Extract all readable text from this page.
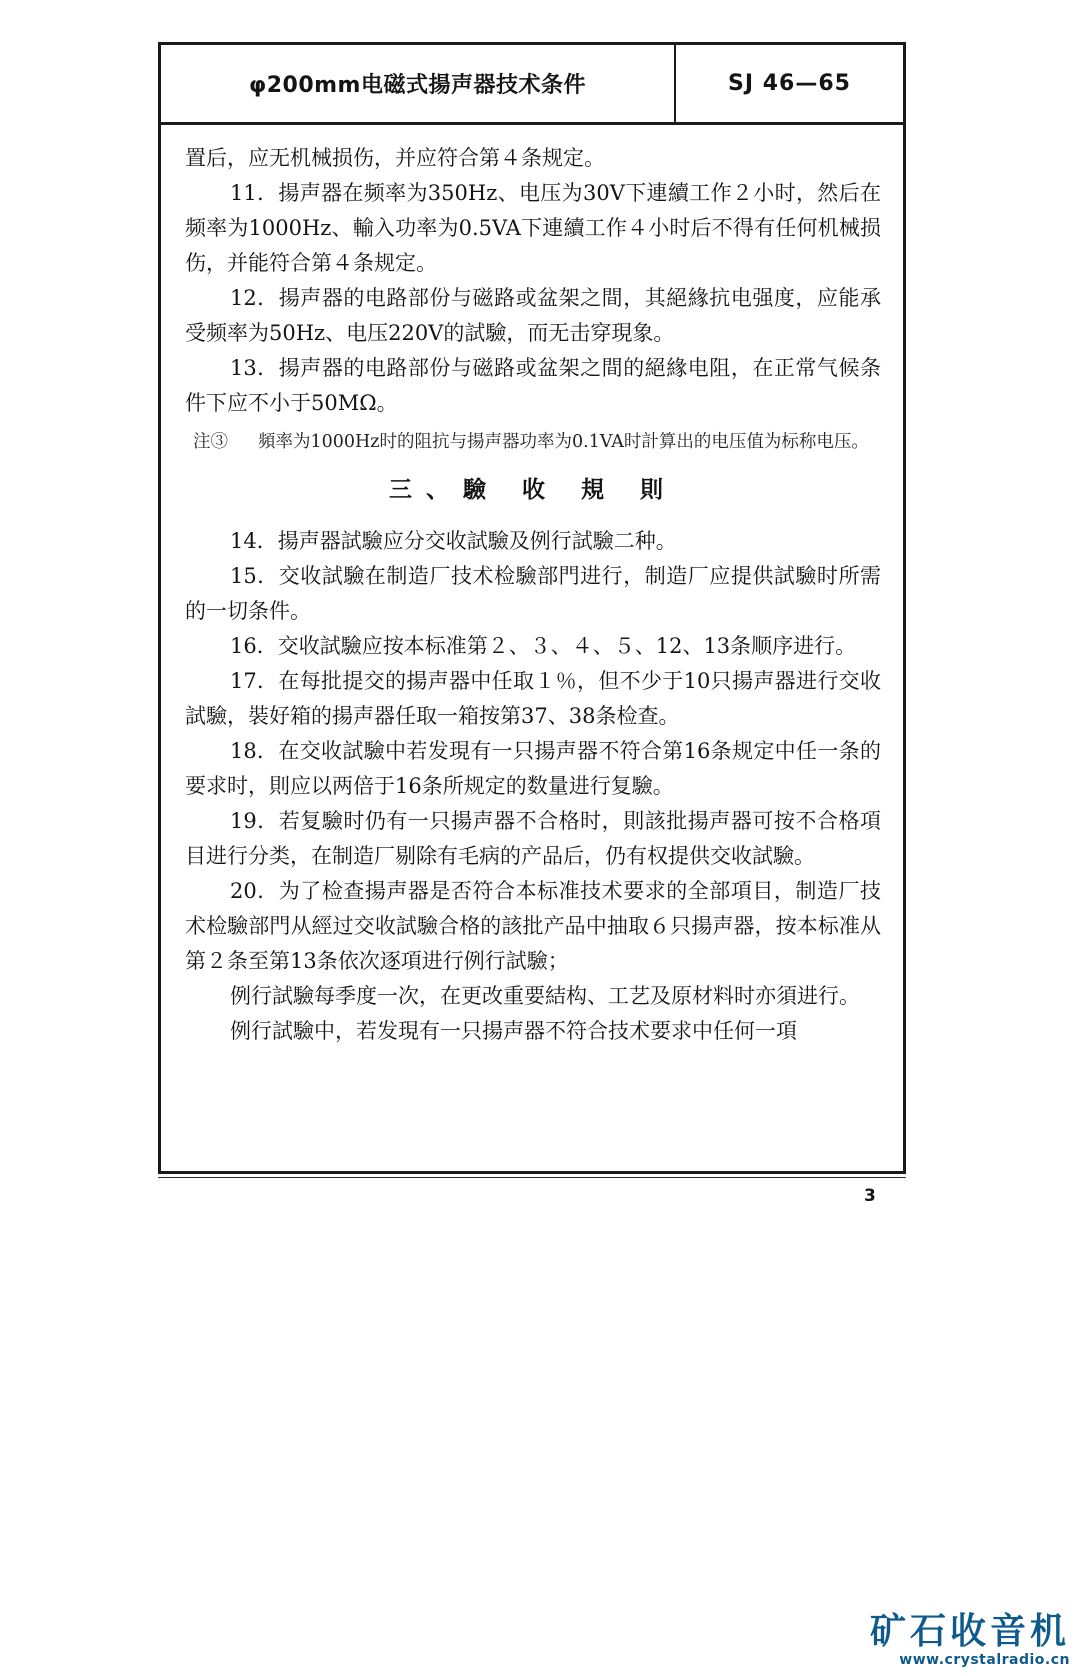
φ200mm电磁式揚声器技术条件	SJ 46—65

置后，应无机械损伤，并应符合第４条规定。

11．揚声器在频率为350Hz、电压为30V下連續工作２小时，然后在频率为1000Hz、輸入功率为0.5VA下連續工作４小时后不得有任何机械损伤，并能符合第４条规定。

12．揚声器的电路部份与磁路或盆架之間，其絕緣抗电强度，应能承受频率为50Hz、电压220V的試驗，而无击穿現象。

13．揚声器的电路部份与磁路或盆架之間的絕緣电阻，在正常气候条件下应不小于50MΩ。

注③	頻率为1000Hz时的阻抗与揚声器功率为0.1VA时計算出的电压值为标称电压。
三、驗 收 規 則

14．揚声器試驗应分交收試驗及例行試驗二种。

15．交收試驗在制造厂技术检驗部門进行，制造厂应提供試驗时所需的一切条件。

16．交收試驗应按本标准第２、３、４、５、12、13条顺序进行。

17．在每批提交的揚声器中任取１％，但不少于10只揚声器进行交收試驗，裝好箱的揚声器任取一箱按第37、38条检查。

18．在交收試驗中若发現有一只揚声器不符合第16条规定中任一条的要求时，則应以两倍于16条所规定的数量进行复驗。

19．若复驗时仍有一只揚声器不合格时，則該批揚声器可按不合格項目进行分类，在制造厂剔除有毛病的产品后，仍有权提供交收試驗。

20．为了检查揚声器是否符合本标准技术要求的全部項目，制造厂技术检驗部門从經过交收試驗合格的該批产品中抽取６只揚声器，按本标准从第２条至第13条依次逐項进行例行試驗；

例行試驗每季度一次，在更改重要結构、工艺及原材料时亦須进行。

例行試驗中，若发現有一只揚声器不符合技术要求中任何一項

3
矿石收音机
www.crystalradio.cn
